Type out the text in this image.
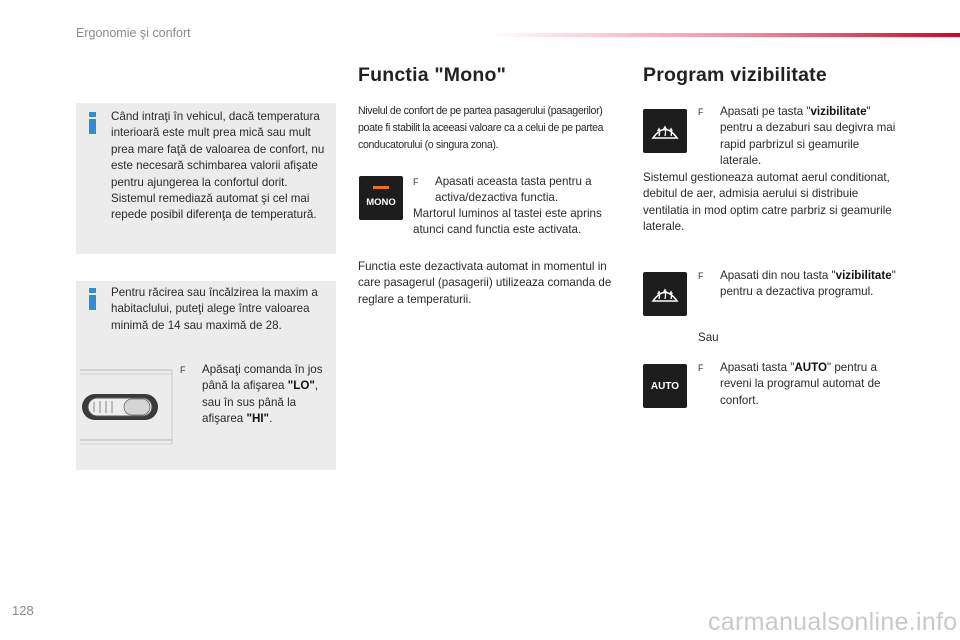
Ergonomie şi confort
Când intraţi în vehicul, dacă temperatura interioară este mult prea mică sau mult prea mare faţă de valoarea de confort, nu este necesară schimbarea valorii afişate pentru ajungerea la confortul dorit. Sistemul remediază automat şi cel mai repede posibil diferenţa de temperatură.
Pentru răcirea sau încălzirea la maxim a habitaclului, puteţi alege între valoarea minimă de 14 sau maximă de 28.
F Apăsaţi comanda în jos până la afişarea "LO", sau în sus până la afişarea "HI".
Functia "Mono"
Nivelul de confort de pe partea pasagerului (pasagerilor) poate fi stabilit la aceeasi valoare ca a celui de pe partea conducatorului (o singura zona).
MONO
F Apasati aceasta tasta pentru a activa/dezactiva functia.
Martorul luminos al tastei este aprins atunci cand functia este activata.
Functia este dezactivata automat in momentul in care pasagerul (pasagerii) utilizeaza comanda de reglare a temperaturii.
Program vizibilitate
F Apasati pe tasta "vizibilitate" pentru a dezaburi sau degivra mai rapid parbrizul si geamurile laterale.
Sistemul gestioneaza automat aerul conditionat, debitul de aer, admisia aerului si distribuie ventilatia in mod optim catre parbriz si geamurile laterale.
F Apasati din nou tasta "vizibilitate" pentru a dezactiva programul.
Sau
AUTO
F Apasati tasta "AUTO" pentru a reveni la programul automat de confort.
128	carmanualsonline.info
